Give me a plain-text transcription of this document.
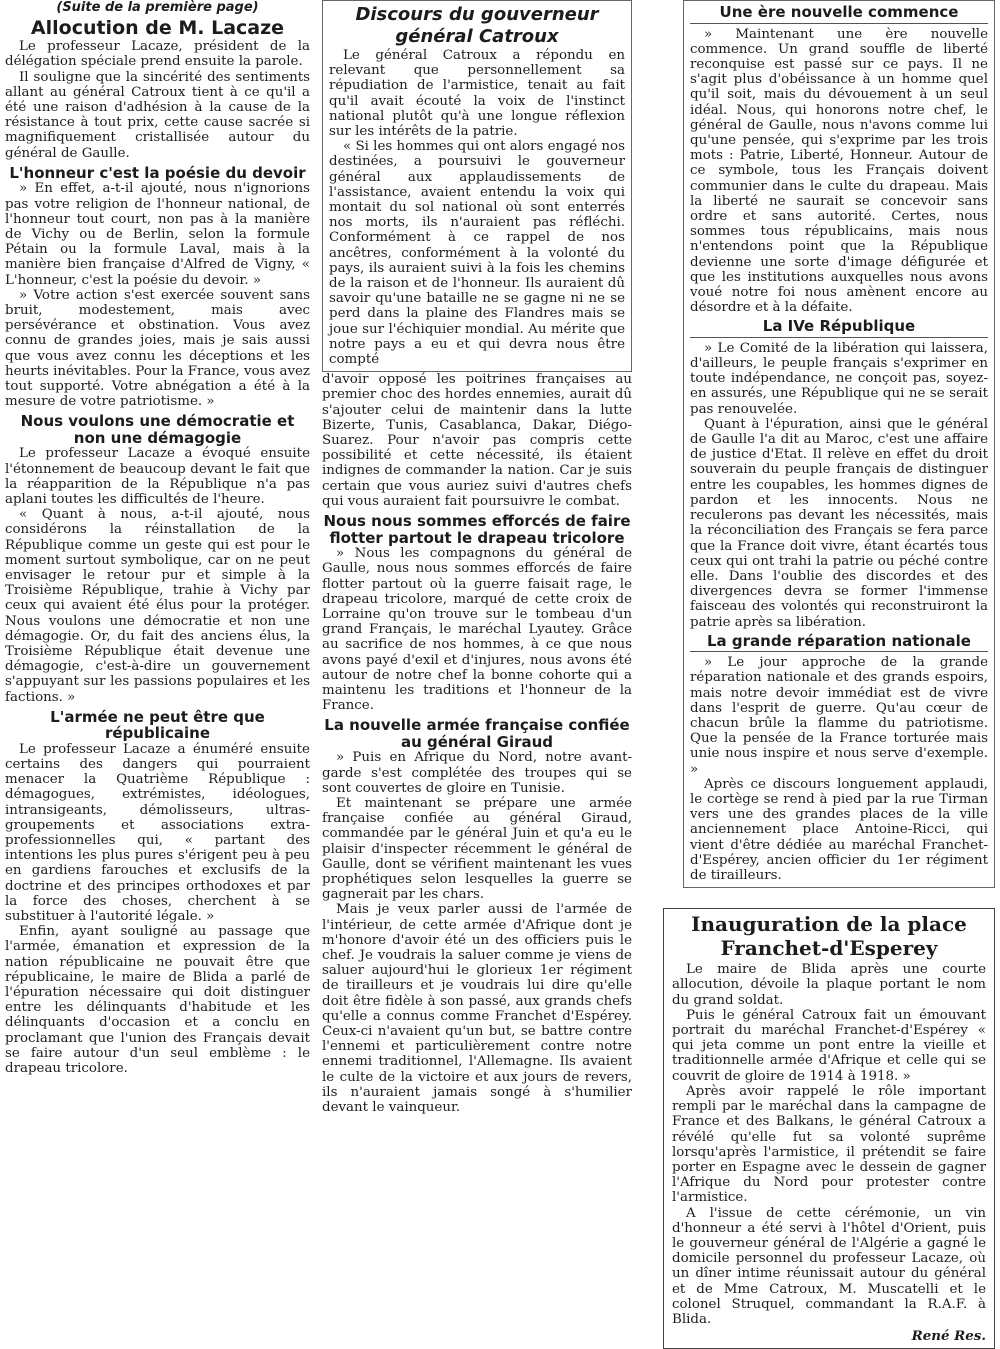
(Suite de la première page)
Allocution de M. Lacaze

Le professeur Lacaze, président de la délégation spéciale prend ensuite la parole.

Il souligne que la sincérité des sentiments allant au général Catroux tient à ce qu'il a été une raison d'adhésion à la cause de la résistance à tout prix, cette cause sacrée si magnifiquement cristallisée autour du général de Gaulle.

L'honneur c'est la poésie du devoir

» En effet, a-t-il ajouté, nous n'ignorions pas votre religion de l'honneur national, de l'honneur tout court, non pas à la manière de Vichy ou de Berlin, selon la formule Pétain ou la formule Laval, mais à la manière bien française d'Alfred de Vigny, « L'honneur, c'est la poésie du devoir. »

» Votre action s'est exercée souvent sans bruit, modestement, mais avec persévérance et obstination. Vous avez connu de grandes joies, mais je sais aussi que vous avez connu les déceptions et les heurts inévitables. Pour la France, vous avez tout supporté. Votre abnégation a été à la mesure de votre patriotisme. »

Nous voulons une démocratie et non une démagogie

Le professeur Lacaze a évoqué ensuite l'étonnement de beaucoup devant le fait que la réapparition de la République n'a pas aplani toutes les difficultés de l'heure.

« Quant à nous, a-t-il ajouté, nous considérons la réinstallation de la République comme un geste qui est pour le moment surtout symbolique, car on ne peut envisager le retour pur et simple à la Troisième République, trahie à Vichy par ceux qui avaient été élus pour la protéger. Nous voulons une démocratie et non une démagogie. Or, du fait des anciens élus, la Troisième République était devenue une démagogie, c'est-à-dire un gouvernement s'appuyant sur les passions populaires et les factions. »

L'armée ne peut être que républicaine

Le professeur Lacaze a énuméré ensuite certains des dangers qui pourraient menacer la Quatrième République : démagogues, extrémistes, idéologues, intransigeants, démolisseurs, ultras-groupements et associations extra-professionnelles qui, « partant des intentions les plus pures s'érigent peu à peu en gardiens farouches et exclusifs de la doctrine et des principes orthodoxes et par la force des choses, cherchent à se substituer à l'autorité légale. »

Enfin, ayant souligné au passage que l'armée, émanation et expression de la nation républicaine ne pouvait être que républicaine, le maire de Blida a parlé de l'épuration nécessaire qui doit distinguer entre les délinquants d'habitude et les délinquants d'occasion et a conclu en proclamant que l'union des Français devait se faire autour d'un seul emblème : le drapeau tricolore.

Discours du gouverneur général Catroux

Le général Catroux a répondu en relevant que personnellement sa répudiation de l'armistice, tenait au fait qu'il avait écouté la voix de l'instinct national plutôt qu'à une longue réflexion sur les intérêts de la patrie.

« Si les hommes qui ont alors engagé nos destinées, a poursuivi le gouverneur général aux applaudissements de l'assistance, avaient entendu la voix qui montait du sol national où sont enterrés nos morts, ils n'auraient pas réfléchi. Conformément à ce rappel de nos ancêtres, conformément à la volonté du pays, ils auraient suivi à la fois les chemins de la raison et de l'honneur. Ils auraient dû savoir qu'une bataille ne se gagne ni ne se perd dans la plaine des Flandres mais se joue sur l'échiquier mondial. Au mérite que notre pays a eu et qui devra nous être compté

d'avoir opposé les poitrines françaises au premier choc des hordes ennemies, aurait dû s'ajouter celui de maintenir dans la lutte Bizerte, Tunis, Casablanca, Dakar, Diégo-Suarez. Pour n'avoir pas compris cette possibilité et cette nécessité, ils étaient indignes de commander la nation. Car je suis certain que vous auriez suivi d'autres chefs qui vous auraient fait poursuivre le combat.

Nous nous sommes efforcés de faire flotter partout le drapeau tricolore

» Nous les compagnons du général de Gaulle, nous nous sommes efforcés de faire flotter partout où la guerre faisait rage, le drapeau tricolore, marqué de cette croix de Lorraine qu'on trouve sur le tombeau d'un grand Français, le maréchal Lyautey. Grâce au sacrifice de nos hommes, à ce que nous avons payé d'exil et d'injures, nous avons été autour de notre chef la bonne cohorte qui a maintenu les traditions et l'honneur de la France.

La nouvelle armée française confiée au général Giraud

» Puis en Afrique du Nord, notre avant-garde s'est complétée des troupes qui se sont couvertes de gloire en Tunisie.

Et maintenant se prépare une armée française confiée au général Giraud, commandée par le général Juin et qu'a eu le plaisir d'inspecter récemment le général de Gaulle, dont se vérifient maintenant les vues prophétiques selon lesquelles la guerre se gagnerait par les chars.

Mais je veux parler aussi de l'armée de l'intérieur, de cette armée d'Afrique dont je m'honore d'avoir été un des officiers puis le chef. Je voudrais la saluer comme je viens de saluer aujourd'hui le glorieux 1er régiment de tirailleurs et je voudrais lui dire qu'elle doit être fidèle à son passé, aux grands chefs qu'elle a connus comme Franchet d'Espérey. Ceux-ci n'avaient qu'un but, se battre contre l'ennemi et particulièrement contre notre ennemi traditionnel, l'Allemagne. Ils avaient le culte de la victoire et aux jours de revers, ils n'auraient jamais songé à s'humilier devant le vainqueur.

Une ère nouvelle commence

» Maintenant une ère nouvelle commence. Un grand souffle de liberté reconquise est passé sur ce pays. Il ne s'agit plus d'obéissance à un homme quel qu'il soit, mais du dévouement à un seul idéal. Nous, qui honorons notre chef, le général de Gaulle, nous n'avons comme lui qu'une pensée, qui s'exprime par les trois mots : Patrie, Liberté, Honneur. Autour de ce symbole, tous les Français doivent communier dans le culte du drapeau. Mais la liberté ne saurait se concevoir sans ordre et sans autorité. Certes, nous sommes tous républicains, mais nous n'entendons point que la République devienne une sorte d'image défigurée et que les institutions auxquelles nous avons voué notre foi nous amènent encore au désordre et à la défaite.

La IVe République

» Le Comité de la libération qui laissera, d'ailleurs, le peuple français s'exprimer en toute indépendance, ne conçoit pas, soyez-en assurés, une République qui ne se serait pas renouvelée.

Quant à l'épuration, ainsi que le général de Gaulle l'a dit au Maroc, c'est une affaire de justice d'Etat. Il relève en effet du droit souverain du peuple français de distinguer entre les coupables, les hommes dignes de pardon et les innocents. Nous ne reculerons pas devant les nécessités, mais la réconciliation des Français se fera parce que la France doit vivre, étant écartés tous ceux qui ont trahi la patrie ou péché contre elle. Dans l'oublie des discordes et des divergences devra se former l'immense faisceau des volontés qui reconstruiront la patrie après sa libération.

La grande réparation nationale

» Le jour approche de la grande réparation nationale et des grands espoirs, mais notre devoir immédiat est de vivre dans l'esprit de guerre. Qu'au cœur de chacun brûle la flamme du patriotisme. Que la pensée de la France torturée mais unie nous inspire et nous serve d'exemple. »

Après ce discours longuement applaudi, le cortège se rend à pied par la rue Tirman vers une des grandes places de la ville anciennement place Antoine-Ricci, qui vient d'être dédiée au maréchal Franchet-d'Espérey, ancien officier du 1er régiment de tirailleurs.

Inauguration de la place Franchet-d'Esperey

Le maire de Blida après une courte allocution, dévoile la plaque portant le nom du grand soldat.

Puis le général Catroux fait un émouvant portrait du maréchal Franchet-d'Espérey « qui jeta comme un pont entre la vieille et traditionnelle armée d'Afrique et celle qui se couvrit de gloire de 1914 à 1918. »

Après avoir rappelé le rôle important rempli par le maréchal dans la campagne de France et des Balkans, le général Catroux a révélé qu'elle fut sa volonté suprême lorsqu'après l'armistice, il prétendit se faire porter en Espagne avec le dessein de gagner l'Afrique du Nord pour protester contre l'armistice.

A l'issue de cette cérémonie, un vin d'honneur a été servi à l'hôtel d'Orient, puis le gouverneur général de l'Algérie a gagné le domicile personnel du professeur Lacaze, où un dîner intime réunissait autour du général et de Mme Catroux, M. Muscatelli et le colonel Struquel, commandant la R.A.F. à Blida.

René Res.
